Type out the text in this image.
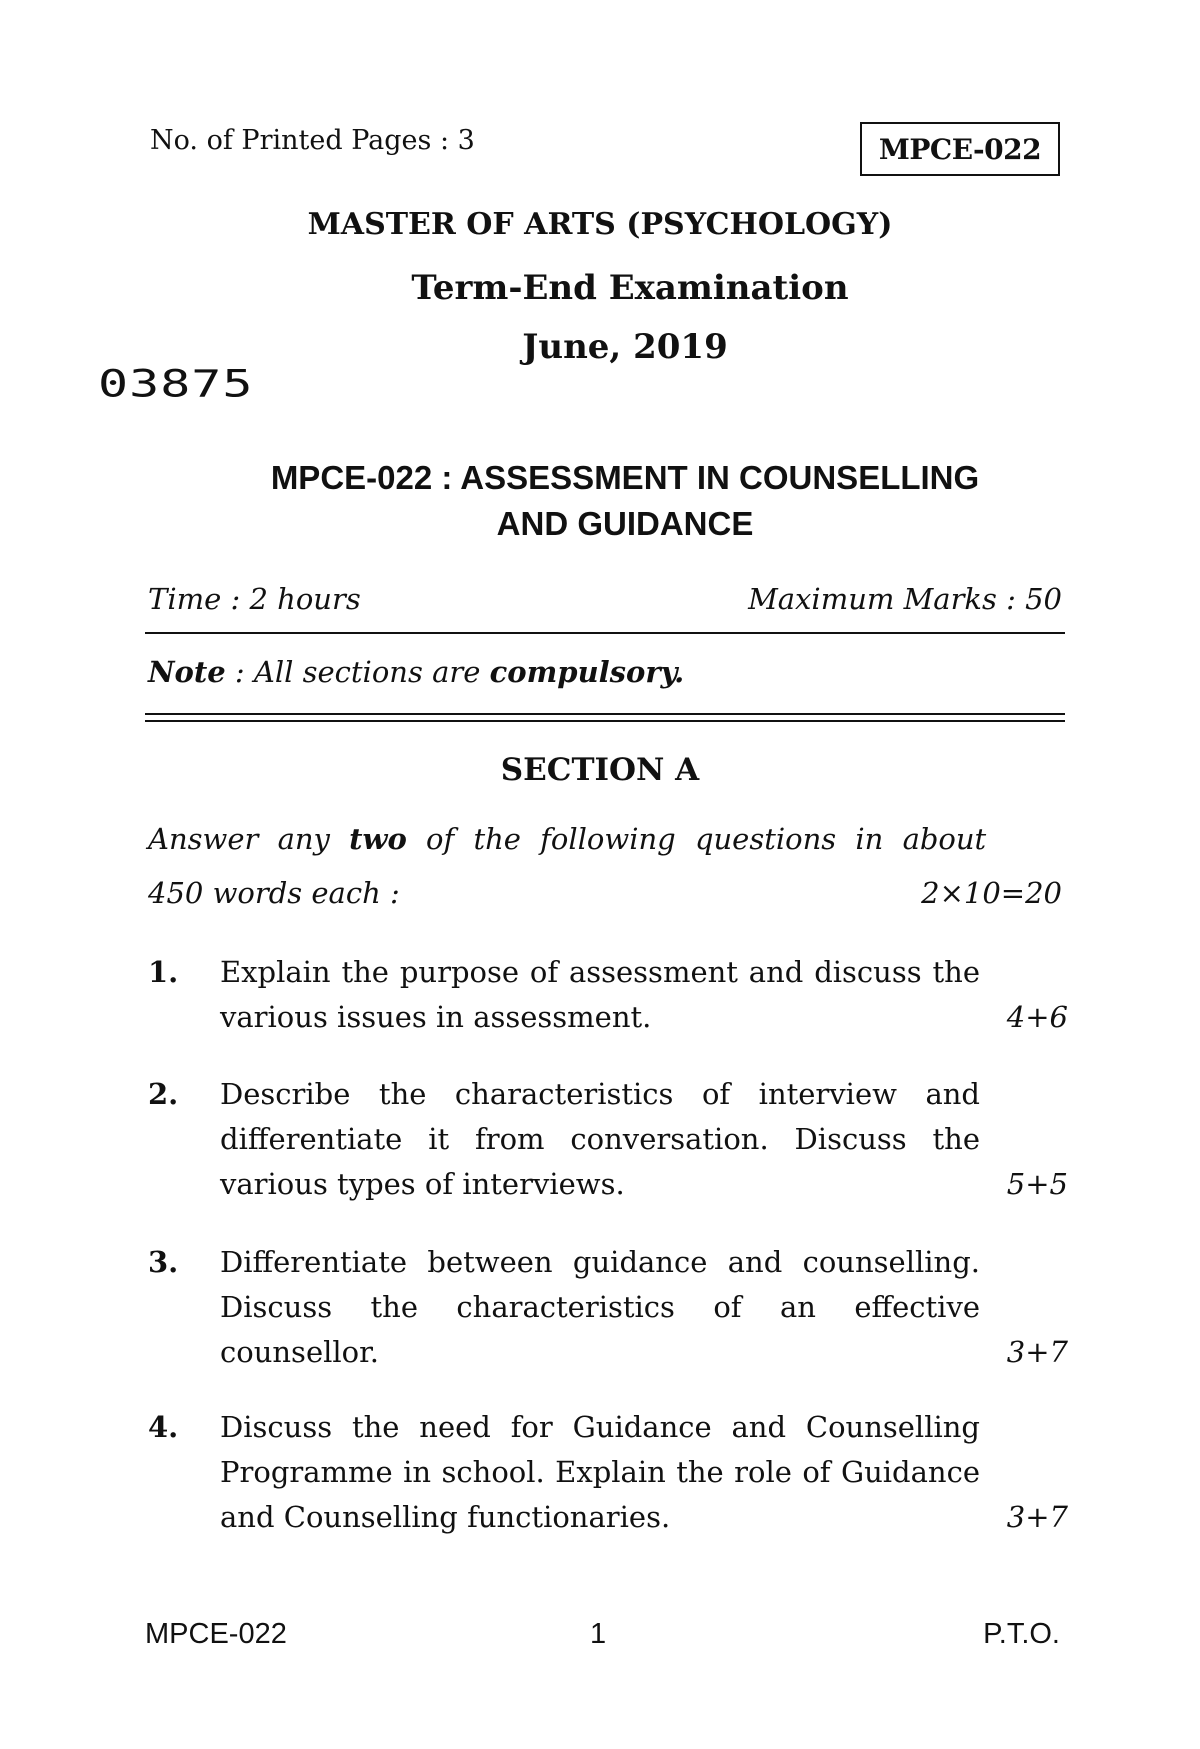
No. of Printed Pages : 3	MPCE-022
MASTER OF ARTS (PSYCHOLOGY)
Term-End Examination
June, 2019
03875
MPCE-022 : ASSESSMENT IN COUNSELLING
AND GUIDANCE
Time : 2 hours	Maximum Marks : 50
Note : All sections are compulsory.
SECTION A
Answer any two of the following questions in about
450 words each :	2×10=20
1. Explain the purpose of assessment and discuss the various issues in assessment.	4+6
2. Describe the characteristics of interview and differentiate it from conversation. Discuss the various types of interviews.	5+5
3. Differentiate between guidance and counselling. Discuss the characteristics of an effective counsellor.	3+7
4. Discuss the need for Guidance and Counselling Programme in school. Explain the role of Guidance and Counselling functionaries.	3+7
MPCE-022	1	P.T.O.
